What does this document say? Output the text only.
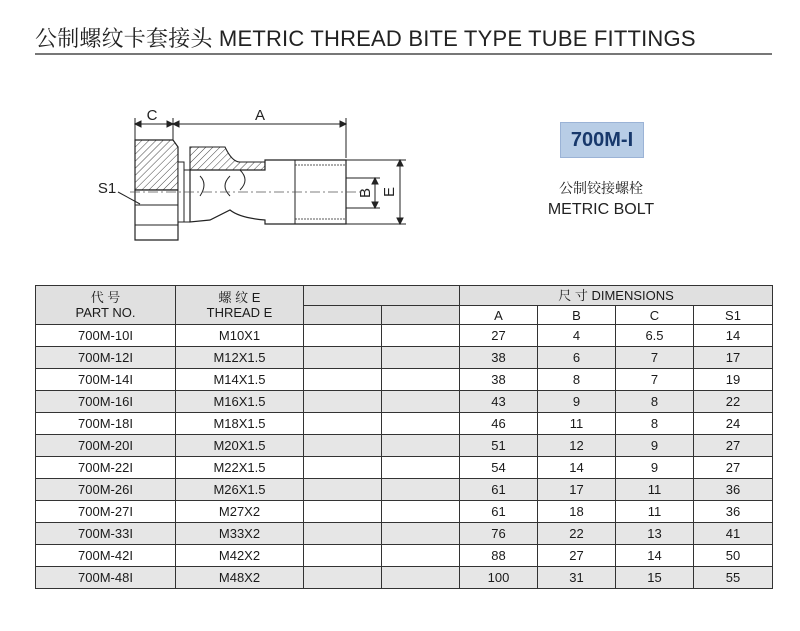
公制螺纹卡套接头 METRIC THREAD BITE TYPE TUBE FITTINGS
C	A
B E
S1
700M-I
公制铰接螺栓
METRIC BOLT
代 号
PART NO.	螺 纹 E
THREAD E			尺 寸 DIMENSIONS			
				A	B	C	S1
700M-10I	M10X1			27	4	6.5	14
700M-12I	M12X1.5			38	6	7	17
700M-14I	M14X1.5			38	8	7	19
700M-16I	M16X1.5			43	9	8	22
700M-18I	M18X1.5			46	11	8	24
700M-20I	M20X1.5			51	12	9	27
700M-22I	M22X1.5			54	14	9	27
700M-26I	M26X1.5			61	17	11	36
700M-27I	M27X2			61	18	11	36
700M-33I	M33X2			76	22	13	41
700M-42I	M42X2			88	27	14	50
700M-48I	M48X2			100	31	15	55
